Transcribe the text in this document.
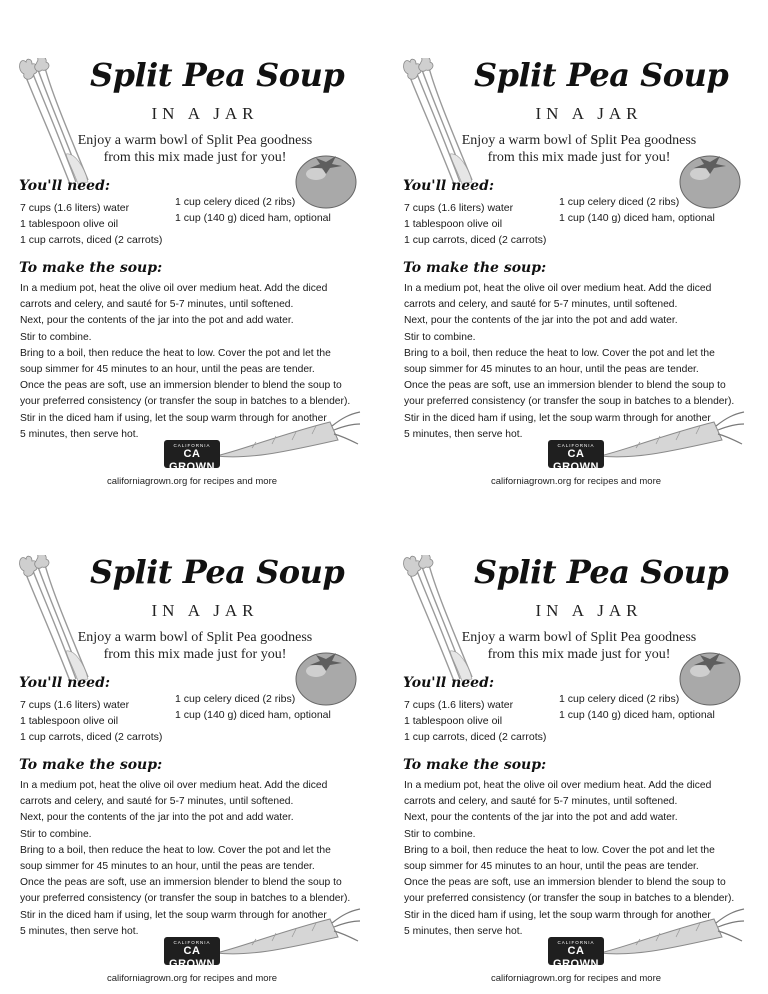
Split Pea Soup
IN A JAR
Enjoy a warm bowl of Split Pea goodness
from this mix made just for you!
You'll need:
7 cups (1.6 liters) water
1 tablespoon olive oil
1 cup carrots, diced (2 carrots)
1 cup celery diced (2 ribs)
1 cup (140 g) diced ham, optional
To make the soup:
In a medium pot, heat the olive oil over medium heat. Add the diced
carrots and celery, and sauté for 5-7 minutes, until softened.
Next, pour the contents of the jar into the pot and add water.
Stir to combine.
Bring to a boil, then reduce the heat to low. Cover the pot and let the
soup simmer for 45 minutes to an hour, until the peas are tender.
Once the peas are soft, use an immersion blender to blend the soup to
your preferred consistency (or transfer the soup in batches to a blender).
Stir in the diced ham if using, let the soup warm through for another
5 minutes, then serve hot.
CALIFORNIA
CA GROWN
californiagrown.org for recipes and more
Split Pea Soup
IN A JAR
Enjoy a warm bowl of Split Pea goodness
from this mix made just for you!
You'll need:
7 cups (1.6 liters) water
1 tablespoon olive oil
1 cup carrots, diced (2 carrots)
1 cup celery diced (2 ribs)
1 cup (140 g) diced ham, optional
To make the soup:
In a medium pot, heat the olive oil over medium heat. Add the diced
carrots and celery, and sauté for 5-7 minutes, until softened.
Next, pour the contents of the jar into the pot and add water.
Stir to combine.
Bring to a boil, then reduce the heat to low. Cover the pot and let the
soup simmer for 45 minutes to an hour, until the peas are tender.
Once the peas are soft, use an immersion blender to blend the soup to
your preferred consistency (or transfer the soup in batches to a blender).
Stir in the diced ham if using, let the soup warm through for another
5 minutes, then serve hot.
CALIFORNIA
CA GROWN
californiagrown.org for recipes and more
Split Pea Soup
IN A JAR
Enjoy a warm bowl of Split Pea goodness
from this mix made just for you!
You'll need:
7 cups (1.6 liters) water
1 tablespoon olive oil
1 cup carrots, diced (2 carrots)
1 cup celery diced (2 ribs)
1 cup (140 g) diced ham, optional
To make the soup:
In a medium pot, heat the olive oil over medium heat. Add the diced
carrots and celery, and sauté for 5-7 minutes, until softened.
Next, pour the contents of the jar into the pot and add water.
Stir to combine.
Bring to a boil, then reduce the heat to low. Cover the pot and let the
soup simmer for 45 minutes to an hour, until the peas are tender.
Once the peas are soft, use an immersion blender to blend the soup to
your preferred consistency (or transfer the soup in batches to a blender).
Stir in the diced ham if using, let the soup warm through for another
5 minutes, then serve hot.
CALIFORNIA
CA GROWN
californiagrown.org for recipes and more
Split Pea Soup
IN A JAR
Enjoy a warm bowl of Split Pea goodness
from this mix made just for you!
You'll need:
7 cups (1.6 liters) water
1 tablespoon olive oil
1 cup carrots, diced (2 carrots)
1 cup celery diced (2 ribs)
1 cup (140 g) diced ham, optional
To make the soup:
In a medium pot, heat the olive oil over medium heat. Add the diced
carrots and celery, and sauté for 5-7 minutes, until softened.
Next, pour the contents of the jar into the pot and add water.
Stir to combine.
Bring to a boil, then reduce the heat to low. Cover the pot and let the
soup simmer for 45 minutes to an hour, until the peas are tender.
Once the peas are soft, use an immersion blender to blend the soup to
your preferred consistency (or transfer the soup in batches to a blender).
Stir in the diced ham if using, let the soup warm through for another
5 minutes, then serve hot.
CALIFORNIA
CA GROWN
californiagrown.org for recipes and more
